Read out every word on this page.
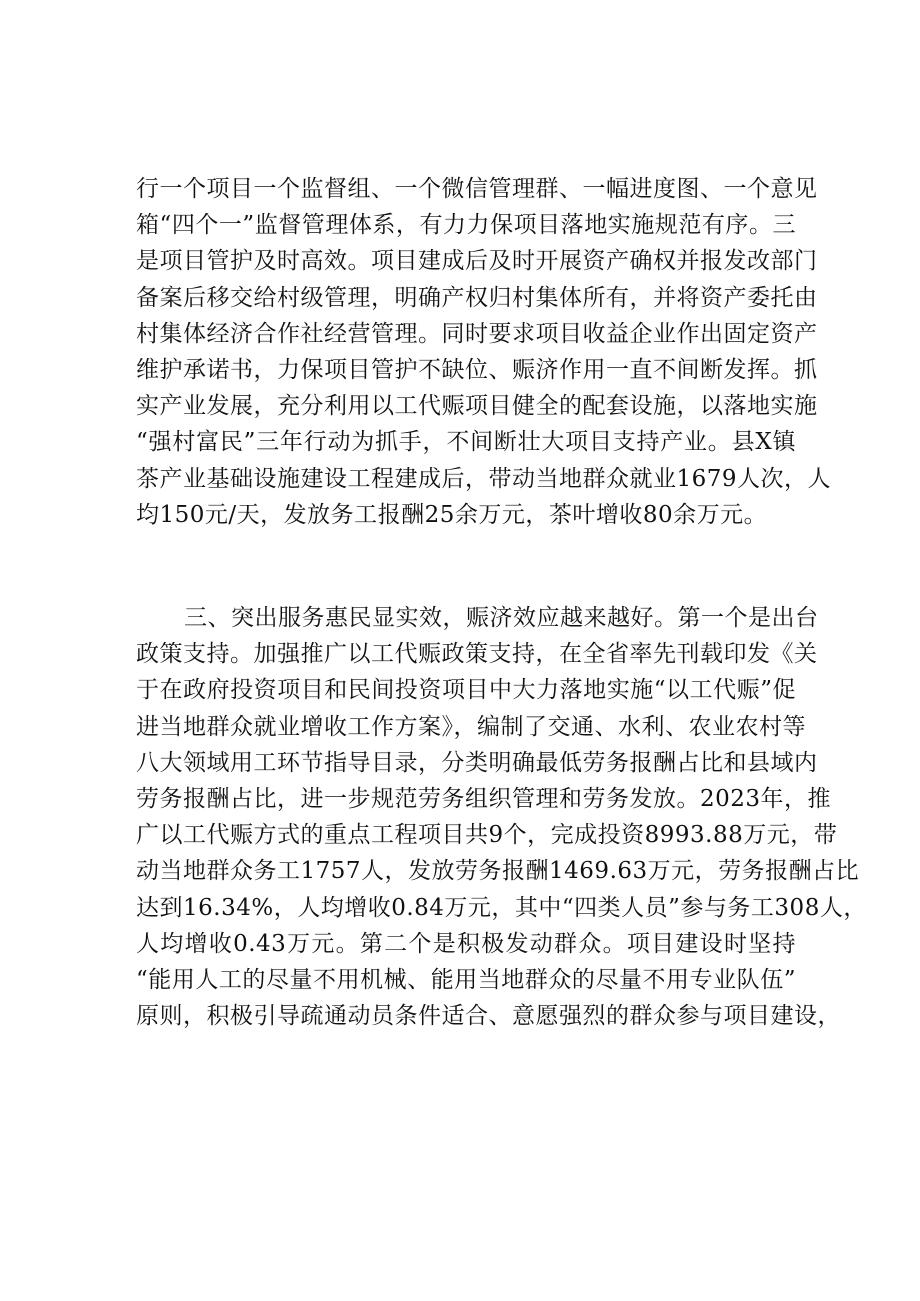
行一个项目一个监督组、一个微信管理群、一幅进度图、一个意见
箱“四个一”监督管理体系，有力力保项目落地实施规范有序。三
是项目管护及时高效。项目建成后及时开展资产确权并报发改部门
备案后移交给村级管理，明确产权归村集体所有，并将资产委托由
村集体经济合作社经营管理。同时要求项目收益企业作出固定资产
维护承诺书，力保项目管护不缺位、赈济作用一直不间断发挥。抓
实产业发展，充分利用以工代赈项目健全的配套设施，以落地实施
“强村富民”三年行动为抓手，不间断壮大项目支持产业。县X镇
茶产业基础设施建设工程建成后，带动当地群众就业1679人次，人
均150元/天，发放务工报酬25余万元，茶叶增收80余万元。
三、突出服务惠民显实效，赈济效应越来越好。第一个是出台
政策支持。加强推广以工代赈政策支持，在全省率先刊载印发《关
于在政府投资项目和民间投资项目中大力落地实施“以工代赈”促
进当地群众就业增收工作方案》，编制了交通、水利、农业农村等
八大领域用工环节指导目录，分类明确最低劳务报酬占比和县域内
劳务报酬占比，进一步规范劳务组织管理和劳务发放。2023年，推
广以工代赈方式的重点工程项目共9个，完成投资8993.88万元，带
动当地群众务工1757人，发放劳务报酬1469.63万元，劳务报酬占比
达到16.34%，人均增收0.84万元，其中“四类人员”参与务工308人，
人均增收0.43万元。第二个是积极发动群众。项目建设时坚持
“能用人工的尽量不用机械、能用当地群众的尽量不用专业队伍”
原则，积极引导疏通动员条件适合、意愿强烈的群众参与项目建设，
